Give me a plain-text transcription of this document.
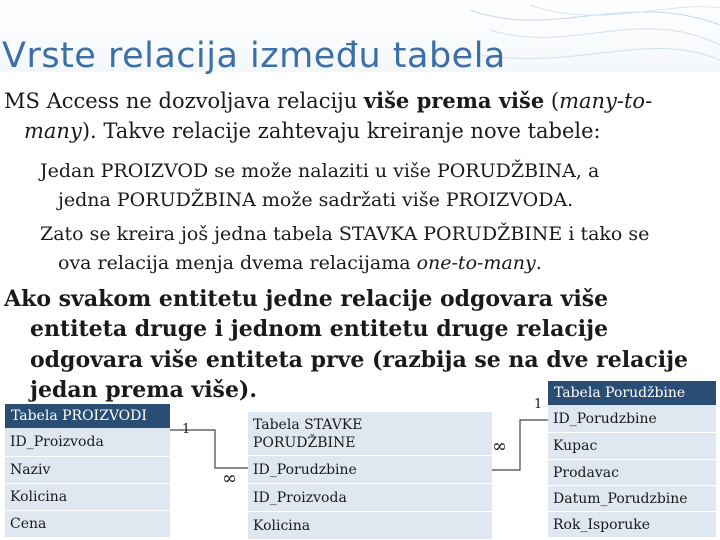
Vrste relacija između tabela
MS Access ne dozvoljava relaciju više prema više (many-to-
many). Takve relacije zahtevaju kreiranje nove tabele:
Jedan PROIZVOD se može nalaziti u više PORUDŽBINA, a
jedna PORUDŽBINA može sadržati više PROIZVODA.
Zato se kreira još jedna tabela STAVKA PORUDŽBINE i tako se
ova relacija menja dvema relacijama one-to-many.
Ako svakom entitetu jedne relacije odgovara više
entiteta druge i jednom entitetu druge relacije
odgovara više entiteta prve (razbija se na dve relacije
jedan prema više).
1
∞
1
∞
Tabela PROIZVODI
ID_Proizvoda
Naziv
Kolicina
Cena
Tabela STAVKE
PORUDŽBINE
ID_Porudzbine
ID_Proizvoda
Kolicina
Tabela Porudžbine
ID_Porudzbine
Kupac
Prodavac
Datum_Porudzbine
Rok_Isporuke
